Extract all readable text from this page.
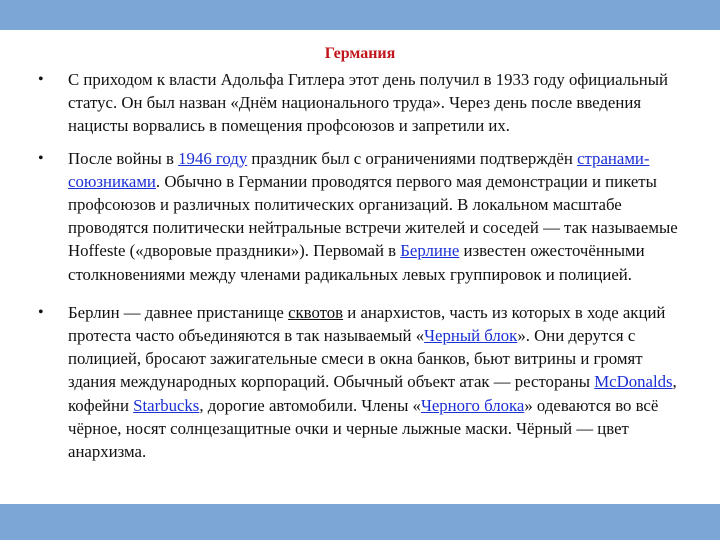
Германия
• С приходом к власти Адольфа Гитлера этот день получил в 1933 году официальный статус. Он был назван «Днём национального труда». Через день после введения нацисты ворвались в помещения профсоюзов и запретили их.
• После войны в 1946 году праздник был с ограничениями подтверждён странами-союзниками. Обычно в Германии проводятся первого мая демонстрации и пикеты профсоюзов и различных политических организаций. В локальном масштабе проводятся политически нейтральные встречи жителей и соседей — так называемые Hoffeste («дворовые праздники»). Первомай в Берлине известен ожесточёнными столкновениями между членами радикальных левых группировок и полицией.
• Берлин — давнее пристанище сквотов и анархистов, часть из которых в ходе акций протеста часто объединяются в так называемый «Черный блок». Они дерутся с полицией, бросают зажигательные смеси в окна банков, бьют витрины и громят здания международных корпораций. Обычный объект атак — рестораны McDonalds, кофейни Starbucks, дорогие автомобили. Члены «Черного блока» одеваются во всё чёрное, носят солнцезащитные очки и черные лыжные маски. Чёрный — цвет анархизма.
